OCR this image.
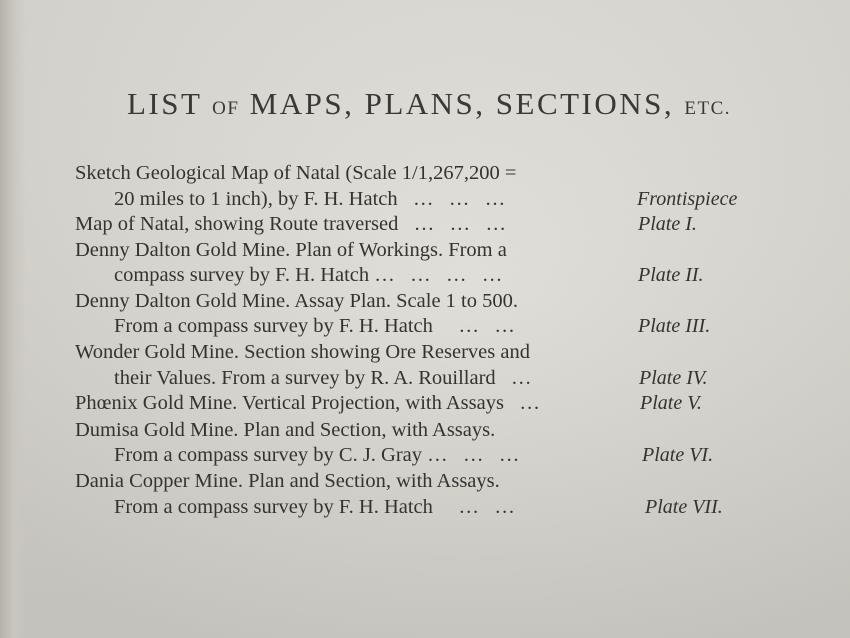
LIST OF MAPS, PLANS, SECTIONS, ETC.
Sketch Geological Map of Natal (Scale 1/1,267,200 =
20 miles to 1 inch), by F. H. Hatch   …   …   …	Frontispiece
Map of Natal, showing Route traversed   …   …   …	Plate I.
Denny Dalton Gold Mine. Plan of Workings. From a
compass survey by F. H. Hatch …   …   …   …	Plate II.
Denny Dalton Gold Mine. Assay Plan. Scale 1 to 500.
From a compass survey by F. H. Hatch     …   …	Plate III.
Wonder Gold Mine. Section showing Ore Reserves and
their Values. From a survey by R. A. Rouillard   …	Plate IV.
Phœnix Gold Mine. Vertical Projection, with Assays   …	Plate V.
Dumisa Gold Mine. Plan and Section, with Assays.
From a compass survey by C. J. Gray …   …   …	Plate VI.
Dania Copper Mine. Plan and Section, with Assays.
From a compass survey by F. H. Hatch     …   …	Plate VII.
